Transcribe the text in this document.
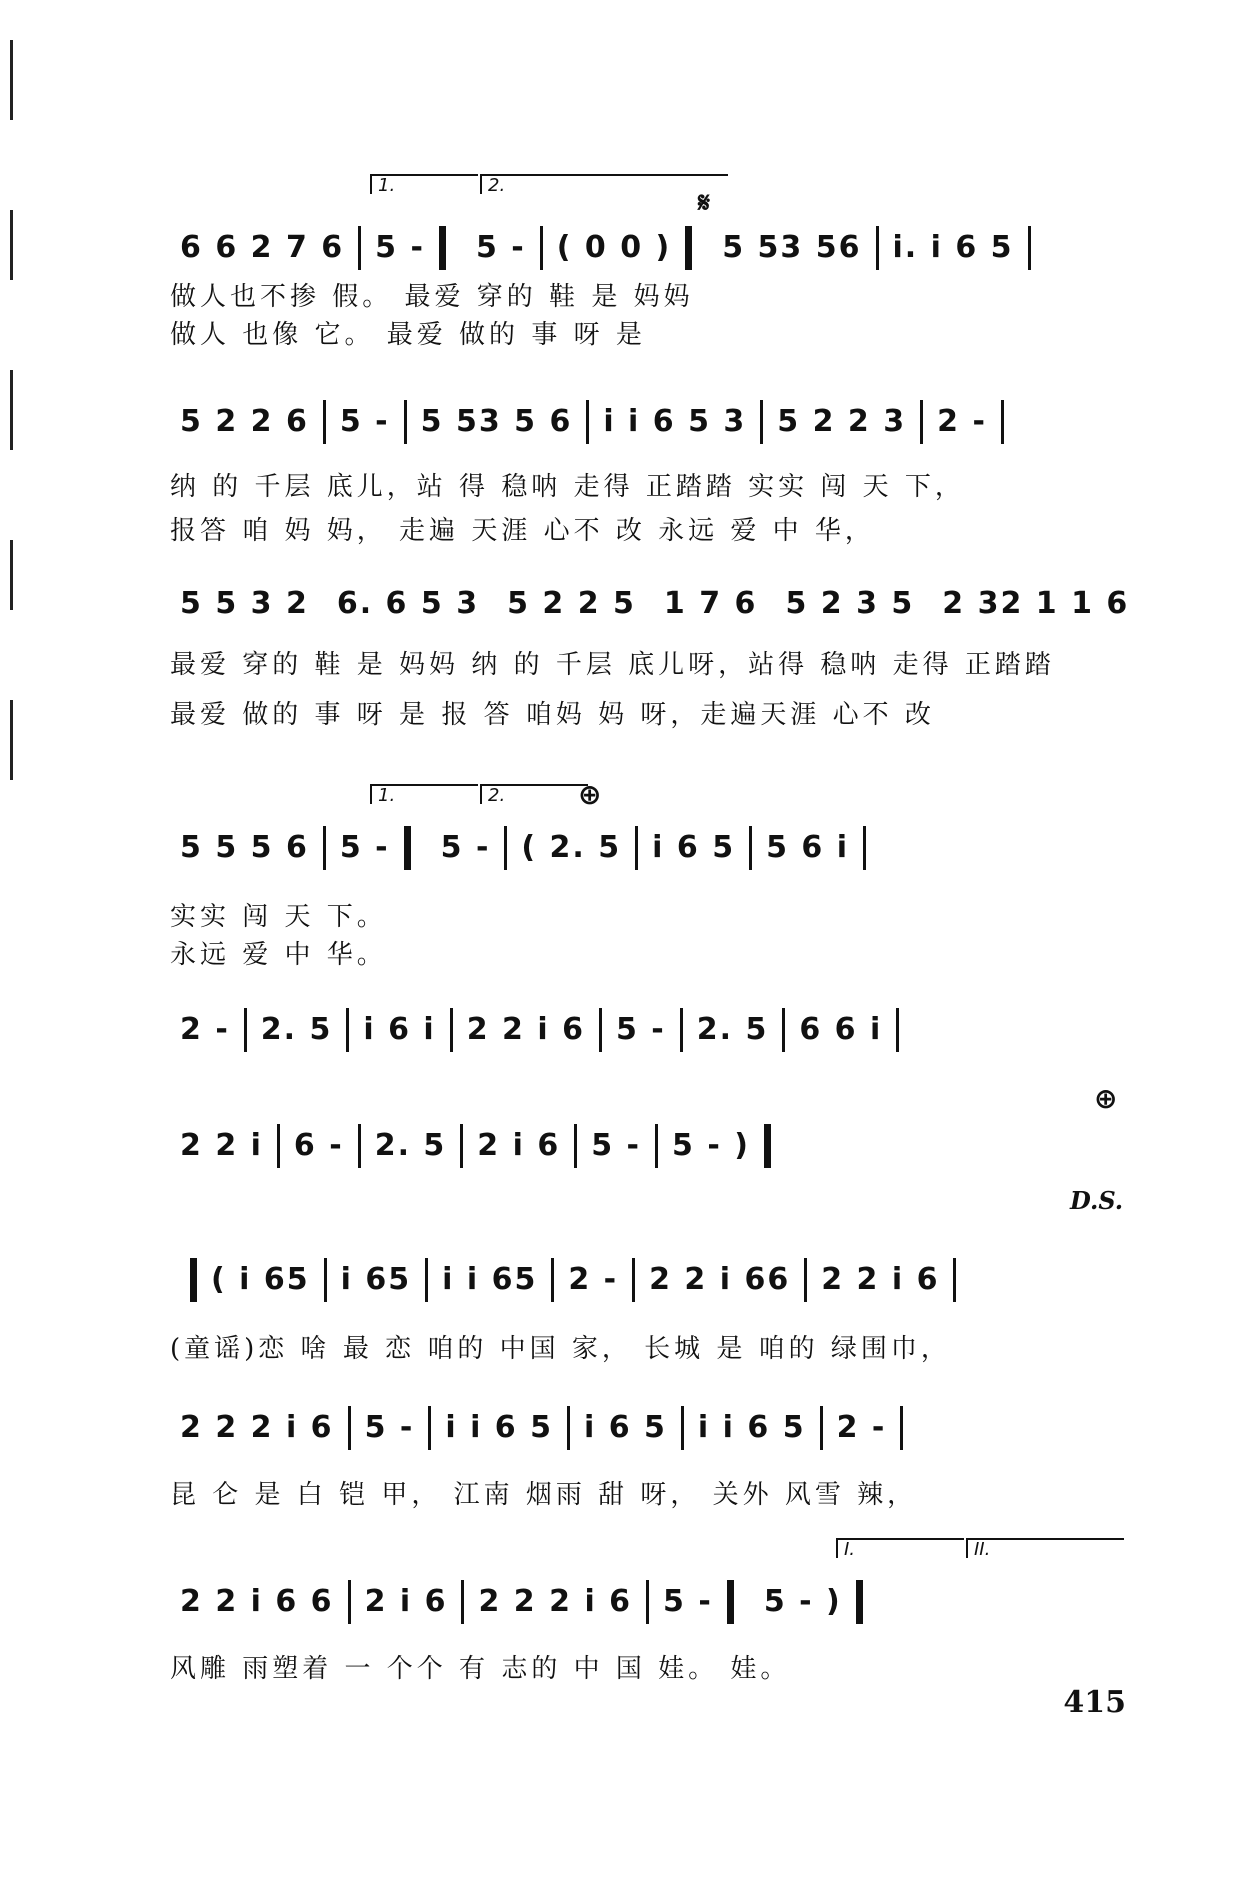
1.	2.
𝄋
6 6 2 7 6	5 -	5 -	( 0 0 )	5 53 56	i. i 6 5
做人也不掺 假。 最爱 穿的 鞋 是 妈妈
做人 也像 它。 最爱 做的 事 呀 是
5 2 2 6	5 -	5 53 5 6	i i 6 5 3	5 2 2 3	2 -
纳 的 千层 底儿，站 得 稳呐 走得 正踏踏 实实 闯 天 下，
报答 咱 妈 妈， 走遍 天涯 心不 改 永远 爱 中 华，
5 5 3 2 6. 6 5 3 5 2 2 5 1 7 6 5 2 3 5 2 32 1 1 6
最爱 穿的 鞋 是 妈妈 纳 的 千层 底儿呀，站得 稳呐 走得 正踏踏
最爱 做的 事 呀 是 报 答 咱妈 妈 呀，走遍天涯 心不 改
1.	2.	⊕
5 5 5 6	5 -	5 -	( 2. 5	i 6 5	5 6 i
实实 闯 天 下。
永远 爱 中 华。
2 -	2. 5	i 6 i	2 2 i 6	5 -	2. 5	6 6 i
⊕
2 2 i	6 -	2. 5	2 i 6	5 -	5 - )
D.S.
( i 65	i 65	i i 65	2 -	2 2 i 66	2 2 i 6
(童谣)恋 啥 最 恋 咱的 中国 家， 长城 是 咱的 绿围巾，
2 2 2 i 6	5 -	i i 6 5	i 6 5	i i 6 5	2 -
昆 仑 是 白 铠 甲， 江南 烟雨 甜 呀， 关外 风雪 辣，
I.	II.
2 2 i 6 6	2 i 6	2 2 2 i 6	5 -	5 - )
风雕 雨塑着 一 个个 有 志的 中 国 娃。 娃。
415
